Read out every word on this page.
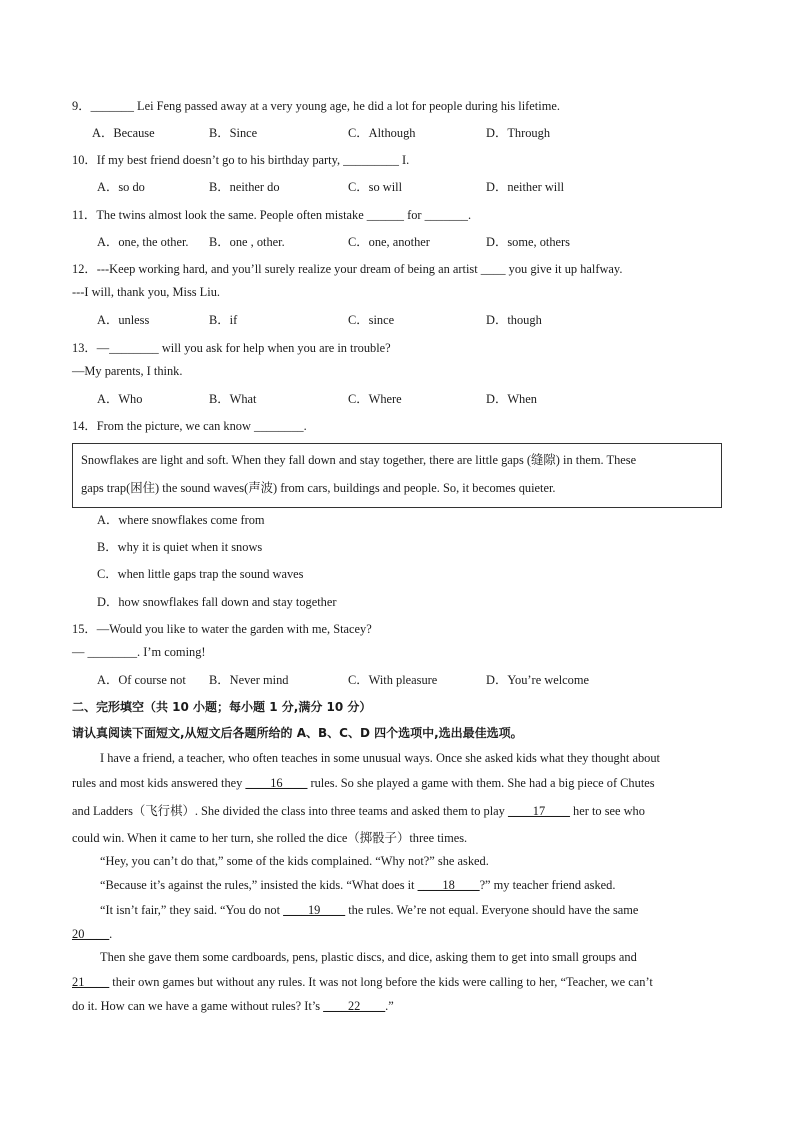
9．_______ Lei Feng passed away at a very young age, he did a lot for people during his lifetime.
A．Because	B．Since	C．Although	D．Through
10．If my best friend doesn’t go to his birthday party, _________ I.
A．so do	B．neither do	C．so will	D．neither will
11．The twins almost look the same. People often mistake ______ for _______.
A．one, the other. B．one , other.	C．one, another	D．some, others
12．---Keep working hard, and you’ll surely realize your dream of being an artist ____ you give it up halfway.
---I will, thank you, Miss Liu.
A．unless	B．if	C．since	D．though
13．—________ will you ask for help when you are in trouble?
—My parents, I think.
A．Who	B．What	C．Where	D．When
14．From the picture, we can know ________.
Snowflakes are light and soft. When they fall down and stay together, there are little gaps (缝隙) in them. These
gaps trap(困住) the sound waves(声波) from cars, buildings and people. So, it becomes quieter.
A．where snowflakes come from
B．why it is quiet when it snows
C．when little gaps trap the sound waves
D．how snowflakes fall down and stay together
15．—Would you like to water the garden with me, Stacey?
— ________. I’m coming!
A．Of course not B．Never mind	C．With pleasure	D．You’re welcome
二、完形填空（共 10 小题；每小题 1 分,满分 10 分）
请认真阅读下面短文,从短文后各题所给的 A、B、C、D 四个选项中,选出最佳选项。
I have a friend, a teacher, who often teaches in some unusual ways. Once she asked kids what they thought about
rules and most kids answered they ____16____ rules. So she played a game with them. She had a big piece of Chutes
and Ladders（飞行棋）. She divided the class into three teams and asked them to play ____17____ her to see who
could win. When it came to her turn, she rolled the dice（掷骰子）three times.
“Hey, you can’t do that,” some of the kids complained. “Why not?” she asked.
“Because it’s against the rules,” insisted the kids. “What does it ____18____?” my teacher friend asked.
“It isn’t fair,” they said. “You do not ____19____ the rules. We’re not equal. Everyone should have the same
20____.
Then she gave them some cardboards, pens, plastic discs, and dice, asking them to get into small groups and
21____ their own games but without any rules. It was not long before the kids were calling to her, “Teacher, we can’t
do it. How can we have a game without rules? It’s ____22____.”
